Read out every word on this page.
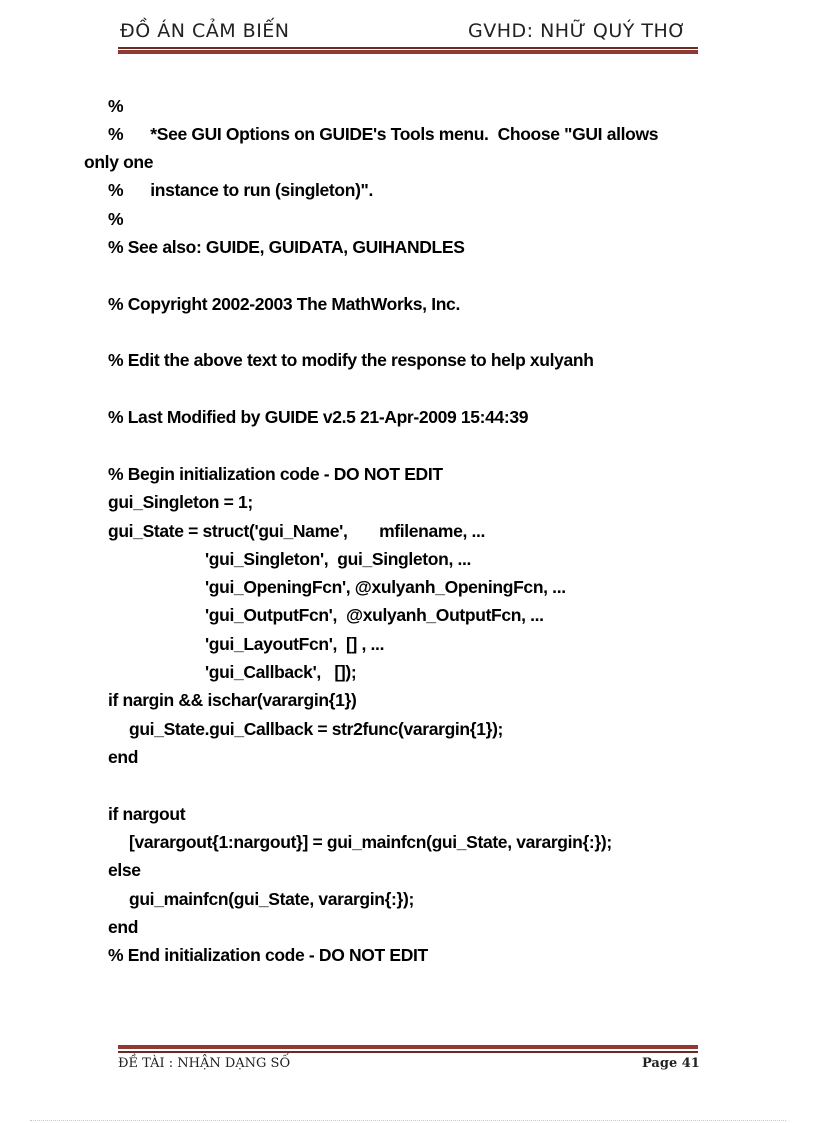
ĐỒ ÁN CẢM BIẾN	GVHD: NHỮ QUÝ THƠ
%
%      *See GUI Options on GUIDE's Tools menu.  Choose "GUI allows
only one
%      instance to run (singleton)".
%
% See also: GUIDE, GUIDATA, GUIHANDLES
% Copyright 2002-2003 The MathWorks, Inc.
% Edit the above text to modify the response to help xulyanh
% Last Modified by GUIDE v2.5 21-Apr-2009 15:44:39
% Begin initialization code - DO NOT EDIT
gui_Singleton = 1;
gui_State = struct('gui_Name',       mfilename, ...
'gui_Singleton',  gui_Singleton, ...
'gui_OpeningFcn', @xulyanh_OpeningFcn, ...
'gui_OutputFcn',  @xulyanh_OutputFcn, ...
'gui_LayoutFcn',  [] , ...
'gui_Callback',   []);
if nargin && ischar(varargin{1})
gui_State.gui_Callback = str2func(varargin{1});
end
if nargout
[varargout{1:nargout}] = gui_mainfcn(gui_State, varargin{:});
else
gui_mainfcn(gui_State, varargin{:});
end
% End initialization code - DO NOT EDIT
ĐỀ TÀI : NHẬN DẠNG SỐ	Page 41
